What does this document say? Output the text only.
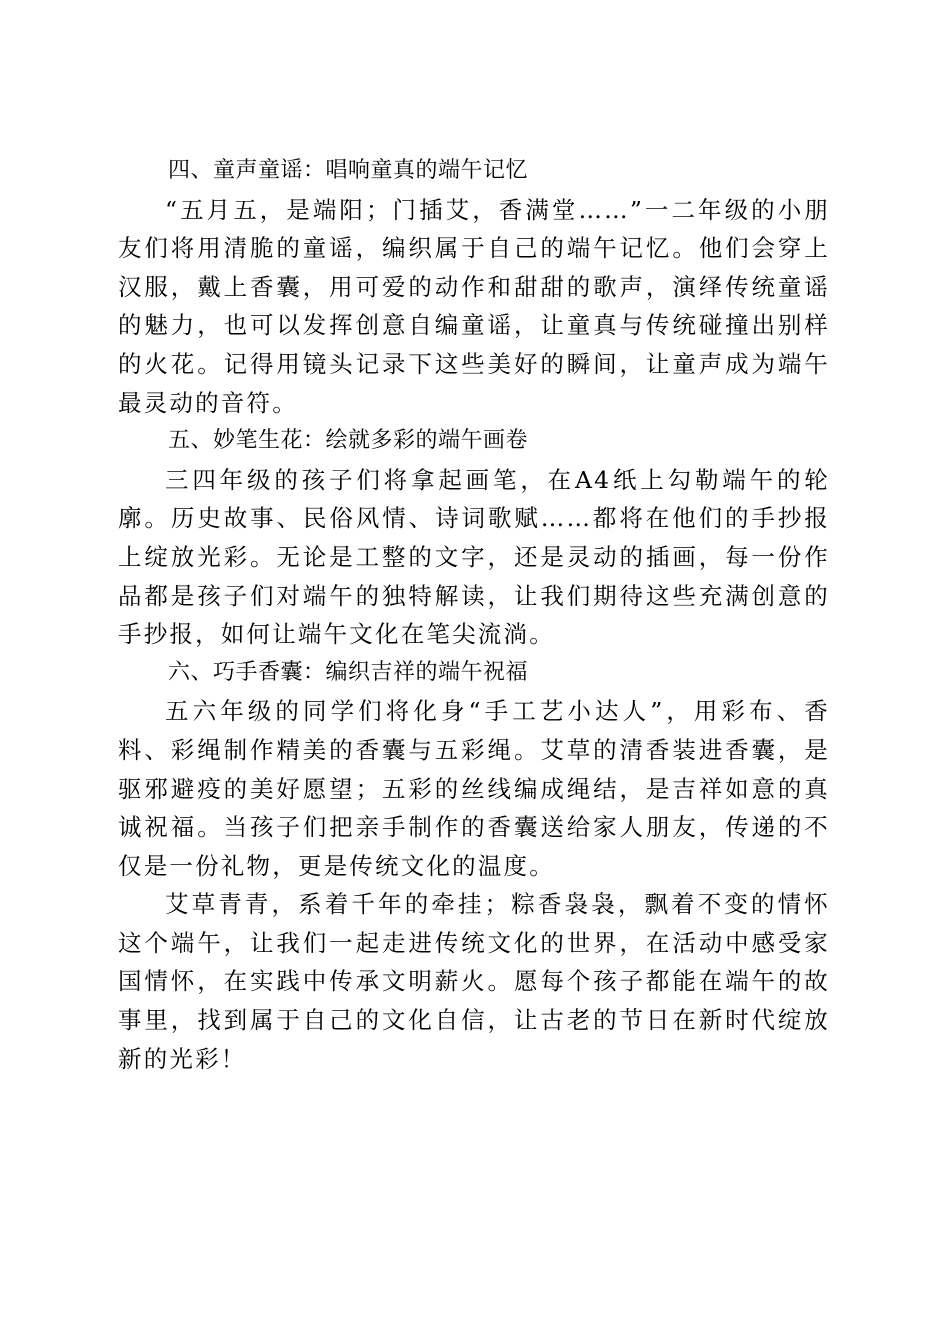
四、童声童谣：唱响童真的端午记忆

“五月五，是端阳；门插艾，香满堂……”一二年级的小朋友们将用清脆的童谣，编织属于自己的端午记忆。他们会穿上汉服，戴上香囊，用可爱的动作和甜甜的歌声，演绎传统童谣的魅力，也可以发挥创意自编童谣，让童真与传统碰撞出别样的火花。记得用镜头记录下这些美好的瞬间，让童声成为端午最灵动的音符。

五、妙笔生花：绘就多彩的端午画卷

三四年级的孩子们将拿起画笔，在A4纸上勾勒端午的轮廓。历史故事、民俗风情、诗词歌赋……都将在他们的手抄报上绽放光彩。无论是工整的文字，还是灵动的插画，每一份作品都是孩子们对端午的独特解读，让我们期待这些充满创意的手抄报，如何让端午文化在笔尖流淌。

六、巧手香囊：编织吉祥的端午祝福

五六年级的同学们将化身“手工艺小达人”，用彩布、香料、彩绳制作精美的香囊与五彩绳。艾草的清香装进香囊，是驱邪避疫的美好愿望；五彩的丝线编成绳结，是吉祥如意的真诚祝福。当孩子们把亲手制作的香囊送给家人朋友，传递的不仅是一份礼物，更是传统文化的温度。

艾草青青，系着千年的牵挂；粽香袅袅，飘着不变的情怀这个端午，让我们一起走进传统文化的世界，在活动中感受家国情怀，在实践中传承文明薪火。愿每个孩子都能在端午的故事里，找到属于自己的文化自信，让古老的节日在新时代绽放新的光彩！
